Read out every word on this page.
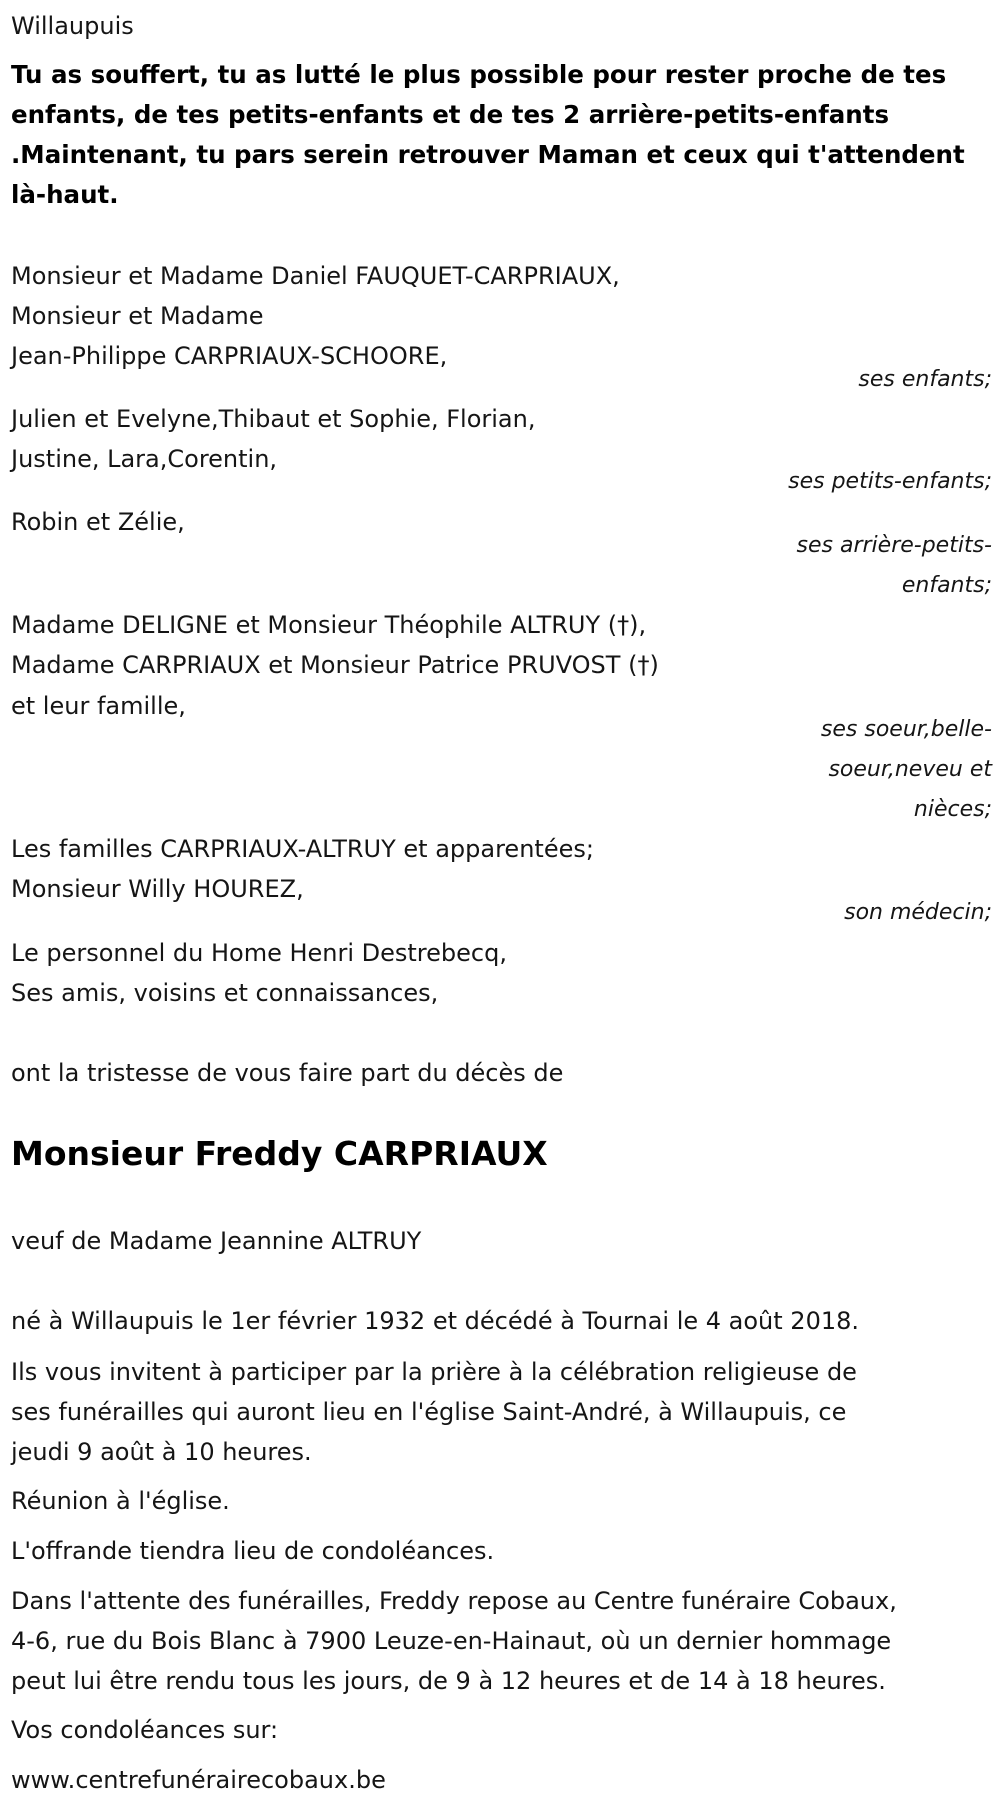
Willaupuis
Tu as souffert, tu as lutté le plus possible pour rester proche de tes
enfants, de tes petits-enfants et de tes 2 arrière-petits-enfants
.Maintenant, tu pars serein retrouver Maman et ceux qui t'attendent
là-haut.
Monsieur et Madame Daniel FAUQUET-CARPRIAUX,
Monsieur et Madame
Jean-Philippe CARPRIAUX-SCHOORE,
ses enfants;
Julien et Evelyne,Thibaut et Sophie, Florian,
Justine, Lara,Corentin,
ses petits-enfants;
Robin et Zélie,
ses arrière-petits-
enfants;
Madame DELIGNE et Monsieur Théophile ALTRUY (†),
Madame CARPRIAUX et Monsieur Patrice PRUVOST (†)
et leur famille,
ses soeur,belle-
soeur,neveu et
nièces;
Les familles CARPRIAUX-ALTRUY et apparentées;
Monsieur Willy HOUREZ,
son médecin;
Le personnel du Home Henri Destrebecq,
Ses amis, voisins et connaissances,
ont la tristesse de vous faire part du décès de
Monsieur Freddy CARPRIAUX
veuf de Madame Jeannine ALTRUY
né à Willaupuis le 1er février 1932 et décédé à Tournai le 4 août 2018.
Ils vous invitent à participer par la prière à la célébration religieuse de
ses funérailles qui auront lieu en l'église Saint-André, à Willaupuis, ce
jeudi 9 août à 10 heures.
Réunion à l'église.
L'offrande tiendra lieu de condoléances.
Dans l'attente des funérailles, Freddy repose au Centre funéraire Cobaux,
4-6, rue du Bois Blanc à 7900 Leuze-en-Hainaut, où un dernier hommage
peut lui être rendu tous les jours, de 9 à 12 heures et de 14 à 18 heures.
Vos condoléances sur:
www.centrefunérairecobaux.be
